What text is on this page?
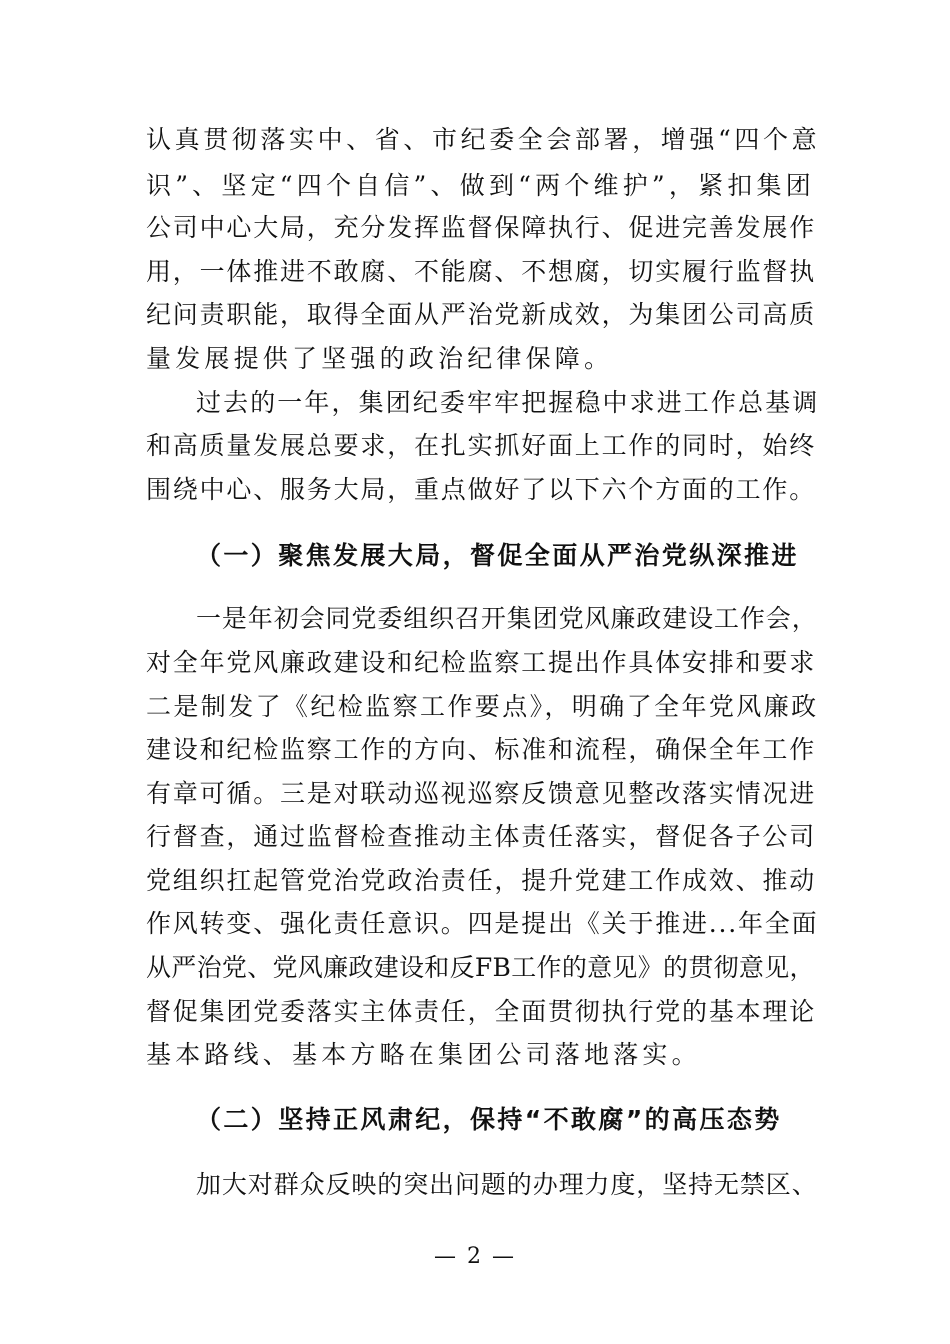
认真贯彻落实中、省、市纪委全会部署，增强“四个意
识”、坚定“四个自信”、做到“两个维护”，紧扣集团
公司中心大局，充分发挥监督保障执行、促进完善发展作
用，一体推进不敢腐、不能腐、不想腐，切实履行监督执
纪问责职能，取得全面从严治党新成效，为集团公司高质
量发展提供了坚强的政治纪律保障。
过去的一年，集团纪委牢牢把握稳中求进工作总基调
和高质量发展总要求，在扎实抓好面上工作的同时，始终
围绕中心、服务大局，重点做好了以下六个方面的工作。
（一）聚焦发展大局，督促全面从严治党纵深推进
一是年初会同党委组织召开集团党风廉政建设工作会，
对全年党风廉政建设和纪检监察工提出作具体安排和要求
二是制发了《纪检监察工作要点》，明确了全年党风廉政
建设和纪检监察工作的方向、标准和流程，确保全年工作
有章可循。三是对联动巡视巡察反馈意见整改落实情况进
行督查，通过监督检查推动主体责任落实，督促各子公司
党组织扛起管党治党政治责任，提升党建工作成效、推动
作风转变、强化责任意识。四是提出《关于推进...年全面
从严治党、党风廉政建设和反FB工作的意见》的贯彻意见，
督促集团党委落实主体责任，全面贯彻执行党的基本理论
基本路线、基本方略在集团公司落地落实。
（二）坚持正风肃纪，保持“不敢腐”的高压态势
加大对群众反映的突出问题的办理力度，坚持无禁区、
— 2 —
